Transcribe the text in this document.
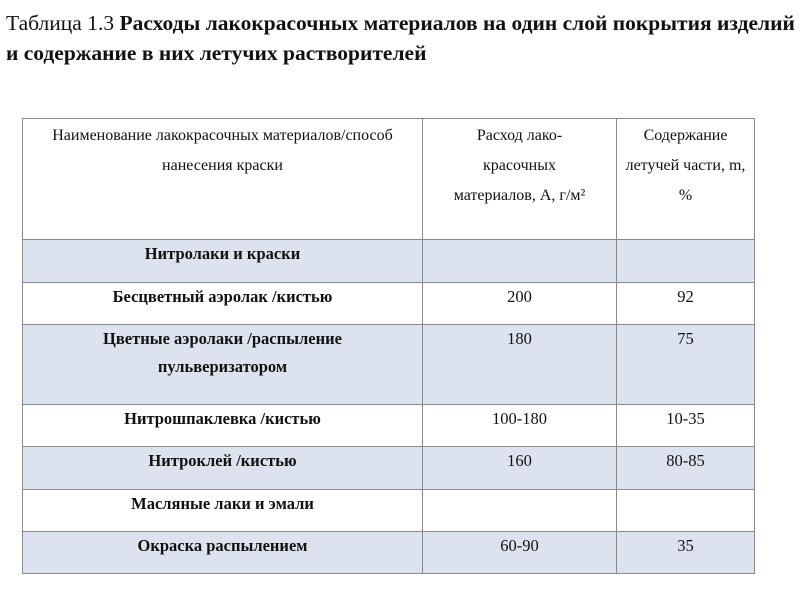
Таблица 1.3 Расходы лакокрасочных материалов на один слой покрытия изделий и содержание в них летучих растворителей
Наименование лакокрасочных материалов/способ нанесения краски	Расход лако-красочных материалов, А, г/м²	Содержание летучей части, m, %
Нитролаки и краски		
Бесцветный аэролак /кистью	200	92
Цветные аэролаки /распыление пульверизатором	180	75
Нитрошпаклевка /кистью	100-180	10-35
Нитроклей /кистью	160	80-85
Масляные лаки и эмали		
Окраска распылением	60-90	35
